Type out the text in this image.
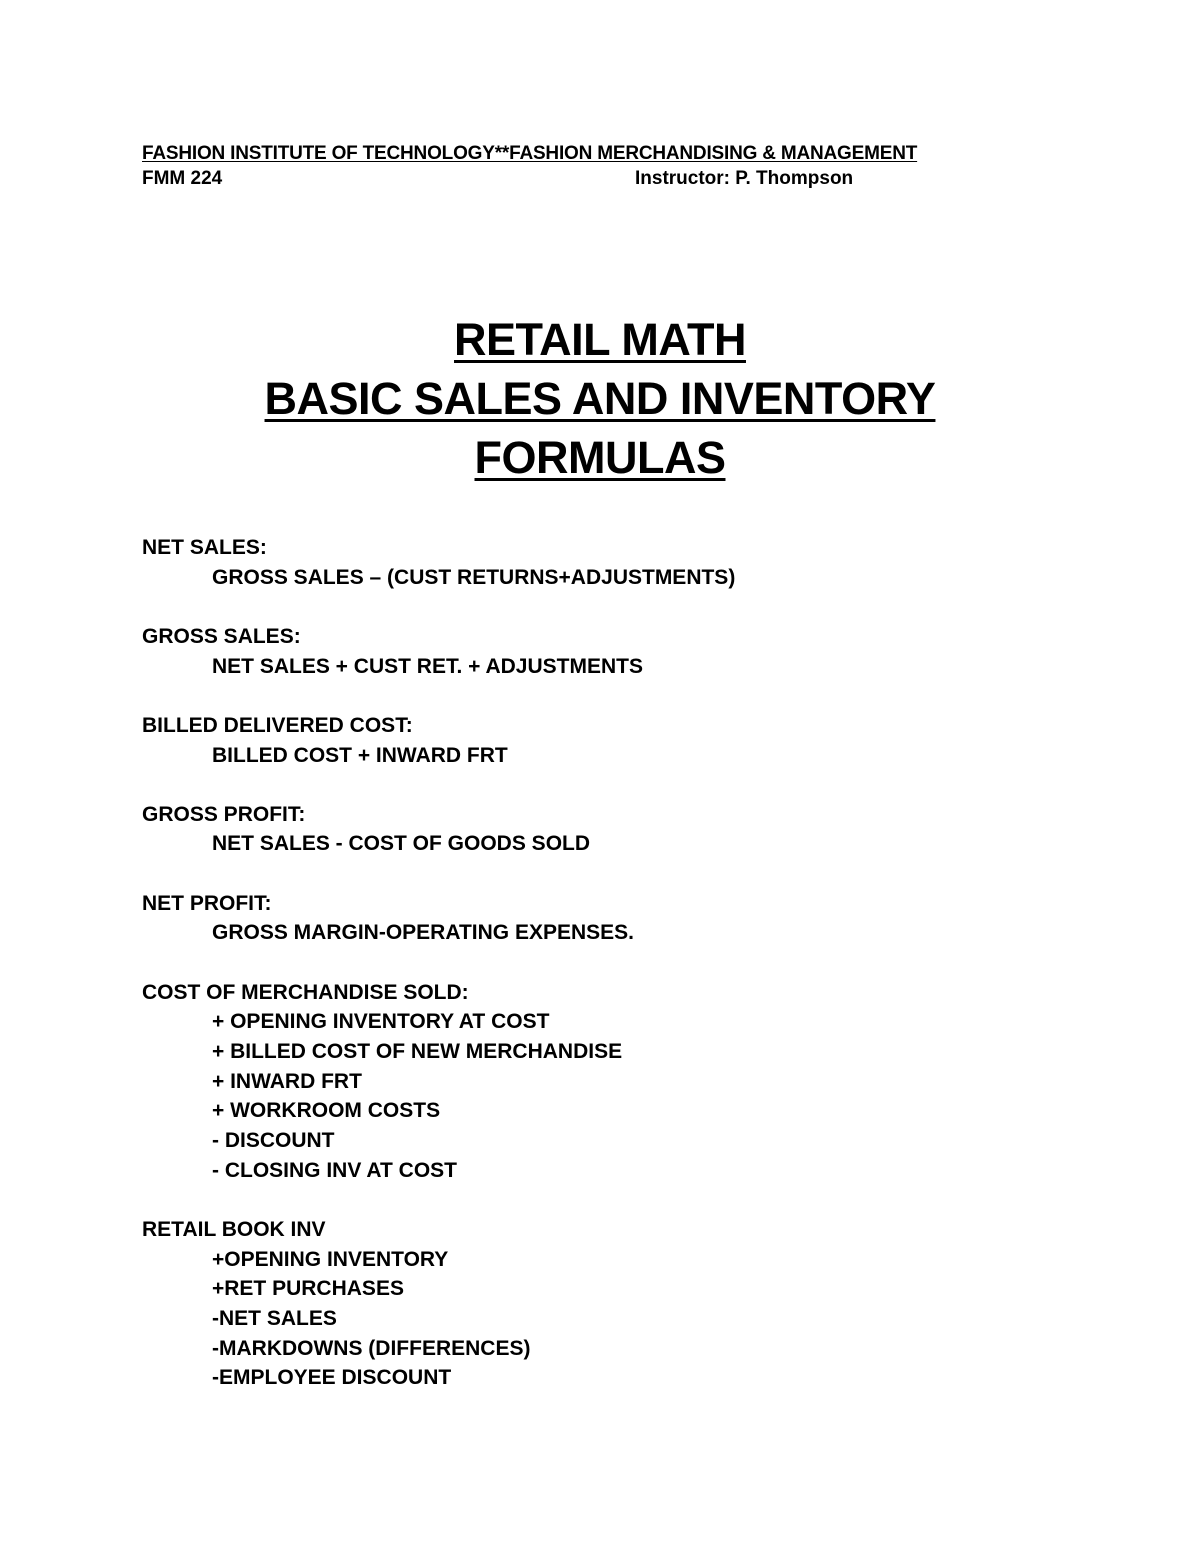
FASHION INSTITUTE OF TECHNOLOGY**FASHION MERCHANDISING & MANAGEMENT
FMM 224	Instructor: P. Thompson
RETAIL MATH
BASIC SALES AND INVENTORY
FORMULAS
NET SALES:
GROSS SALES – (CUST RETURNS+ADJUSTMENTS)
GROSS SALES:
NET SALES + CUST RET. + ADJUSTMENTS
BILLED DELIVERED COST:
BILLED COST + INWARD FRT
GROSS PROFIT:
NET SALES - COST OF GOODS SOLD
NET PROFIT:
GROSS MARGIN-OPERATING EXPENSES.
COST OF MERCHANDISE SOLD:
+ OPENING INVENTORY AT COST
+ BILLED COST OF NEW MERCHANDISE
+ INWARD FRT
+ WORKROOM COSTS
- DISCOUNT
- CLOSING INV AT COST
RETAIL BOOK INV
+OPENING INVENTORY
+RET PURCHASES
-NET SALES
-MARKDOWNS (DIFFERENCES)
-EMPLOYEE DISCOUNT
